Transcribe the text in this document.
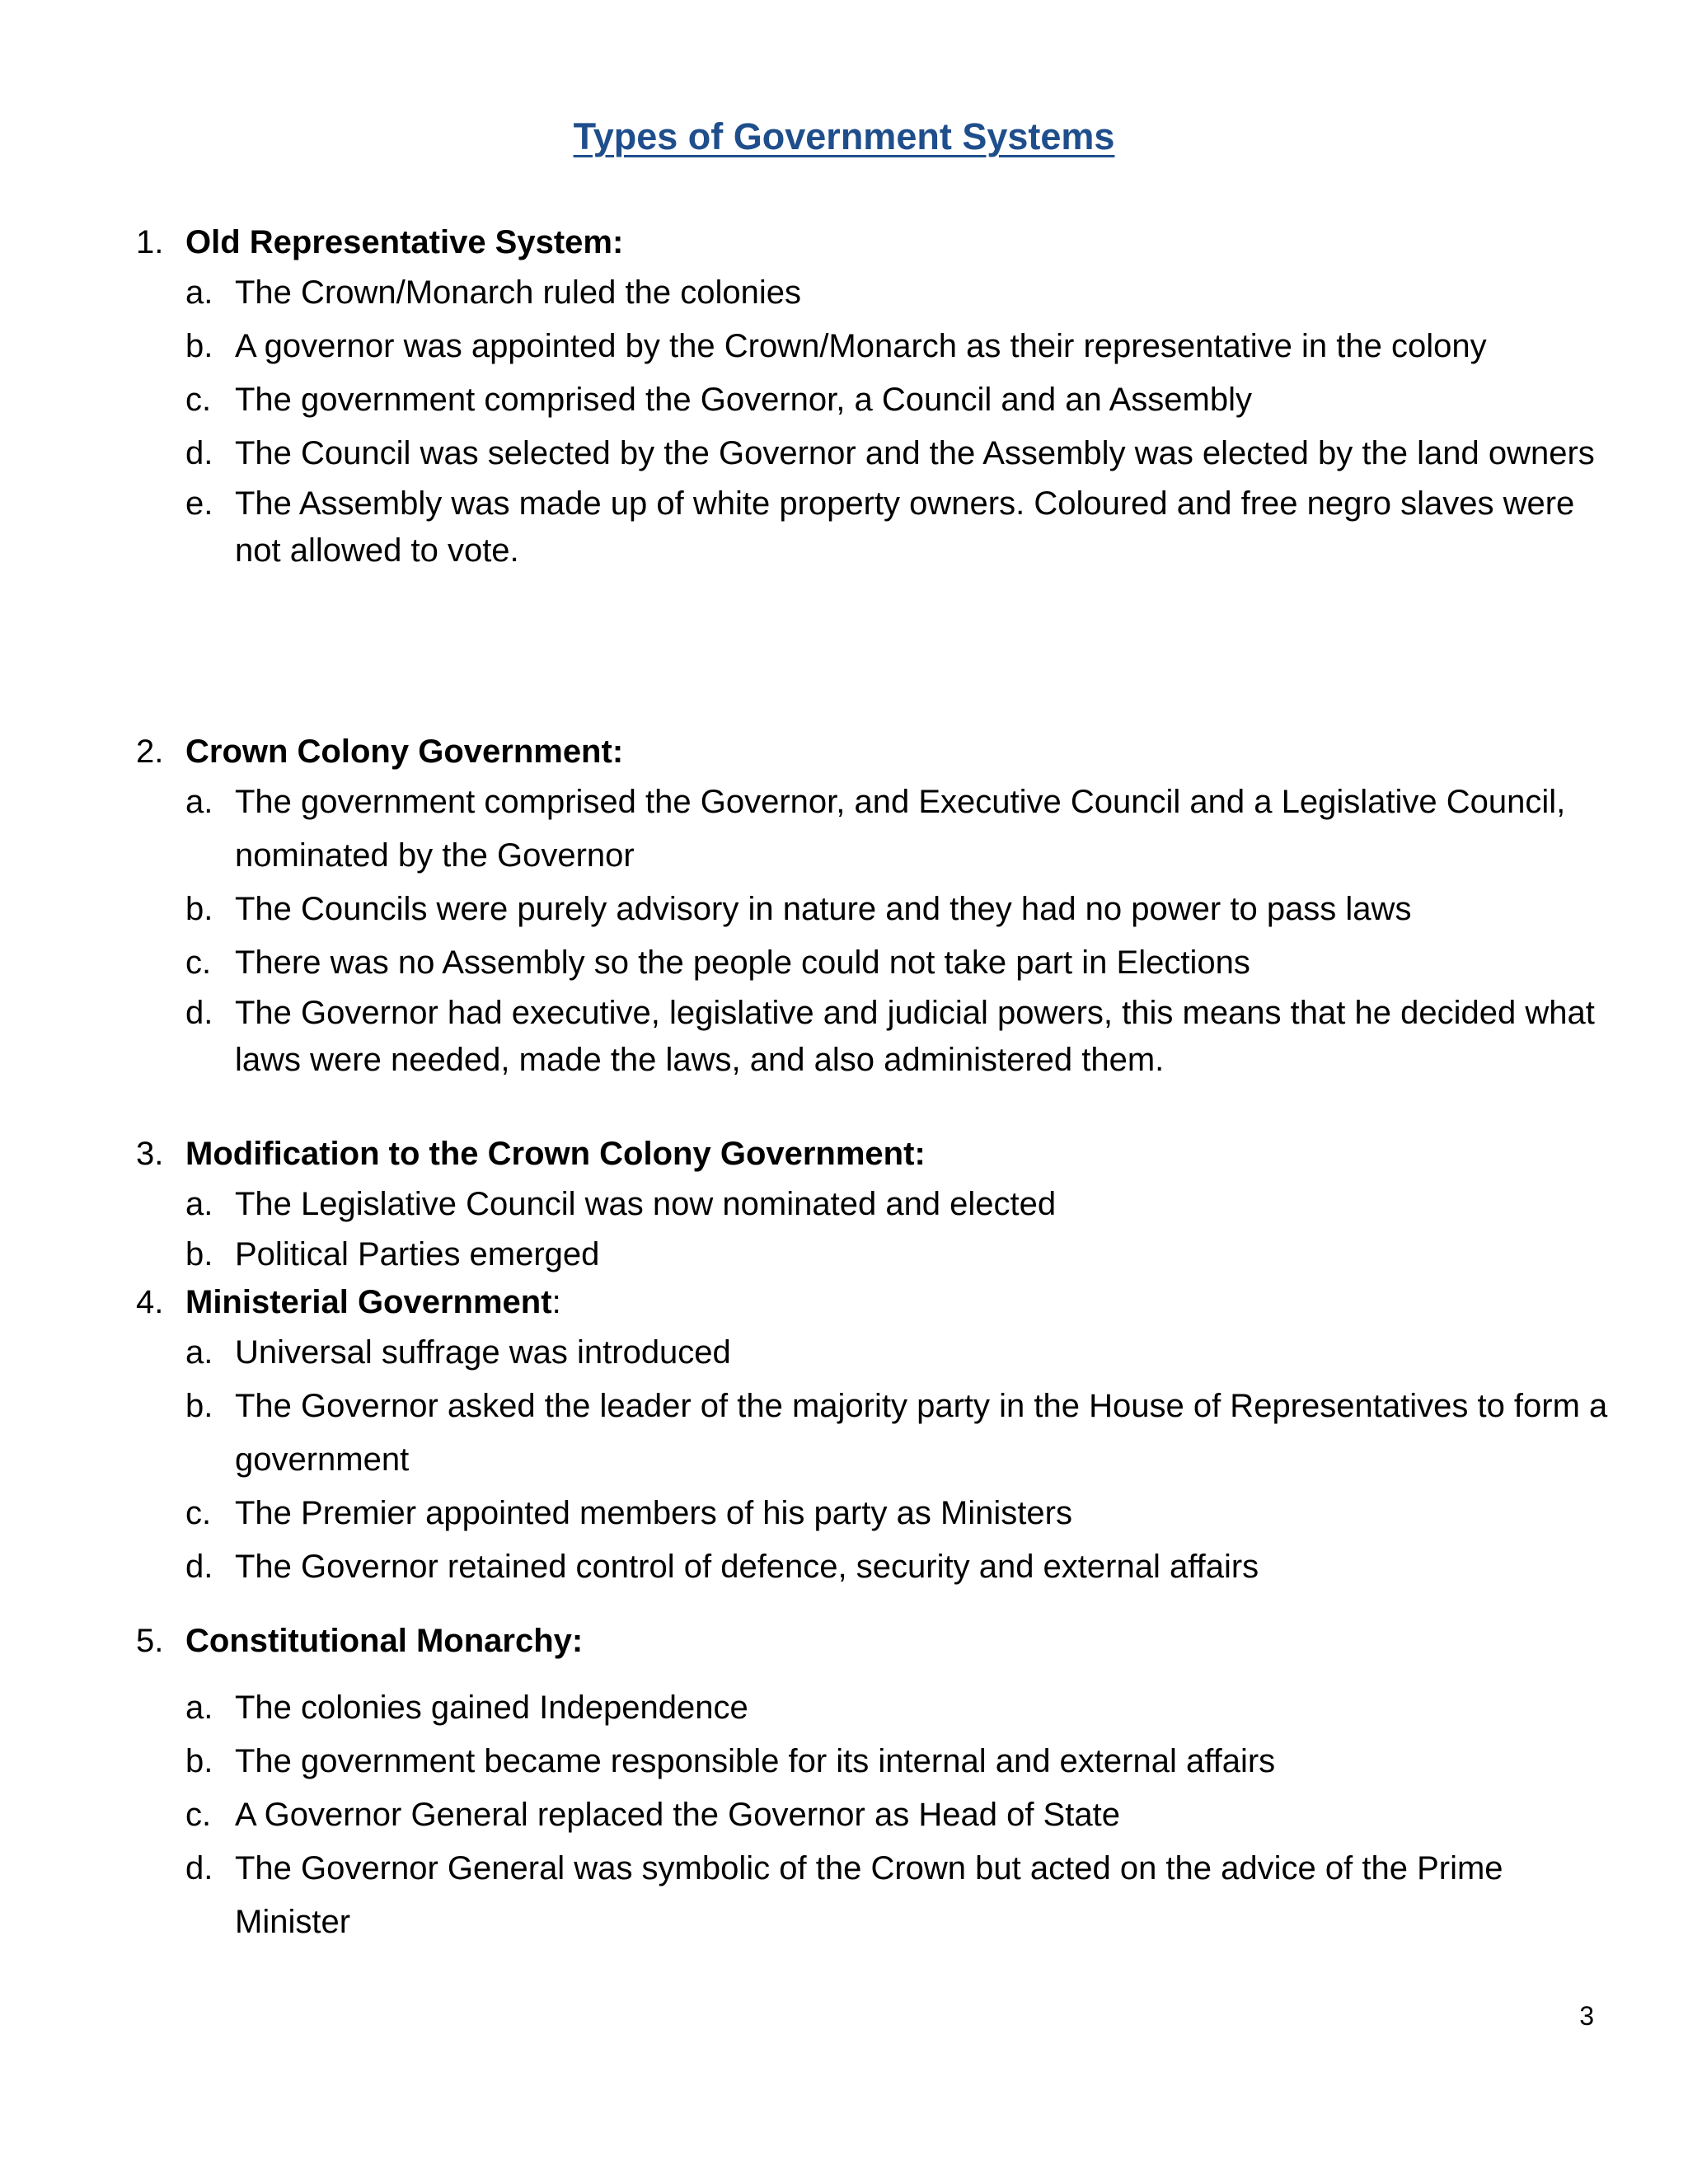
Types of Government Systems
1. Old Representative System:
a. The Crown/Monarch ruled the colonies
b. A governor was appointed by the Crown/Monarch as their representative in the colony
c. The government comprised the Governor, a Council and an Assembly
d. The Council was selected by the Governor and the Assembly was elected by the land owners
e. The Assembly was made up of white property owners. Coloured and free negro slaves were not allowed to vote.
2. Crown Colony Government:
a. The government comprised the Governor, and Executive Council and a Legislative Council, nominated by the Governor
b. The Councils were purely advisory in nature and they had no power to pass laws
c. There was no Assembly so the people could not take part in Elections
d. The Governor had executive, legislative and judicial powers, this means that he decided what laws were needed, made the laws, and also administered them.
3. Modification to the Crown Colony Government:
a. The Legislative Council was now nominated and elected
b. Political Parties emerged
4. Ministerial Government:
a. Universal suffrage was introduced
b. The Governor asked the leader of the majority party in the House of Representatives to form a government
c. The Premier appointed members of his party as Ministers
d. The Governor retained control of defence, security and external affairs
5. Constitutional Monarchy:
a. The colonies gained Independence
b. The government became responsible for its internal and external affairs
c. A Governor General replaced the Governor as Head of State
d. The Governor General was symbolic of the Crown but acted on the advice of the Prime Minister
3
